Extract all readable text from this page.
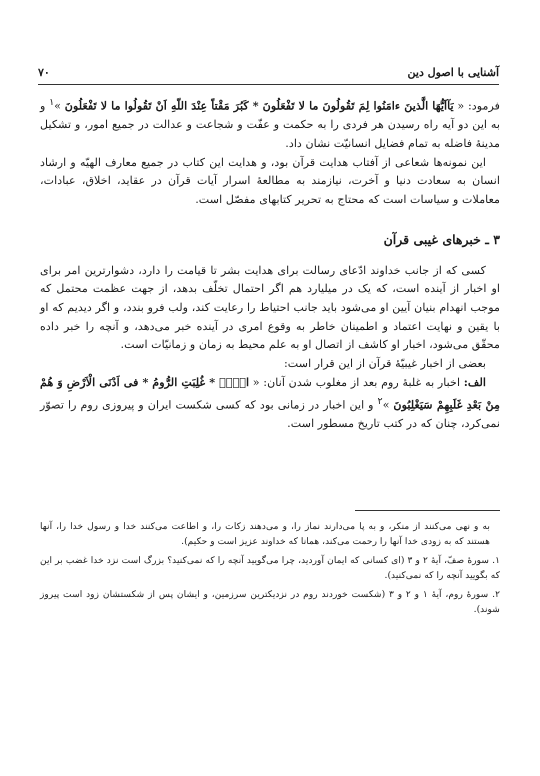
۷۰	آشنایی با اصول دین

فرمود: « یَآاَیُّهَا الَّذینَ ءامَنُوا لِمَ تَقُولُونَ ما لا تَفْعَلُونَ * کَبُرَ مَقْتاً عِنْدَ اللّهِ اَنْ تَقُولُوا ما لا تَفْعَلُونَ »$^۱$ و به این دو آیه راه رسیدن هر فردی را به حکمت و عفّت و شجاعت و عدالت در جمیع امور، و تشکیل مدینهٔ فاضله به تمام فضایل انسانیّت نشان داد.

این نمونه‌ها شعاعی از آفتاب هدایت قرآن بود، و هدایت این کتاب در جمیع معارف الهیّه و ارشاد انسان به سعادت دنیا و آخرت، نیازمند به مطالعهٔ اسرار آیات قرآن در عقاید، اخلاق، عبادات، معاملات و سیاسات است که محتاج به تحریر کتابهای مفصّل است.

۳ ـ خبرهای غیبی قرآن

کسی که از جانب خداوند ادّعای رسالت برای هدایت بشر تا قیامت را دارد، دشوارترین امر برای او اخبار از آینده است، که یک در میلیارد هم اگر احتمال تخلّف بدهد، از جهت عظمت محتمل که موجب انهدام بنیان آیین او می‌شود باید جانب احتیاط را رعایت کند، ولب فرو بندد، و اگر دیدیم که او با یقین و نهایت اعتماد و اطمینان خاطر به وقوع امری در آینده خبر می‌دهد، و آنچه را خبر داده محقّق می‌شود، اخبار او کاشف از اتصال او به علم محیط به زمان و زمانیّات است.

بعضی از اخبار غیبیّهٔ قرآن از این قرار است:

الف: اخبار به غلبهٔ روم بعد از مغلوب شدن آنان: « الۤمۤ * غُلِبَتِ الرُّومُ * فی اَدْنَی الْاَرْضِ وَ هُمْ مِنْ بَعْدِ غَلَبِهِمْ سَیَغْلِبُونَ »$^۲$ و این اخبار در زمانی بود که کسی شکست ایران و پیروزی روم را تصوّر نمی‌کرد، چنان که در کتب تاریخ مسطور است.

به و نهی می‌کنند از منکر، و به پا می‌دارند نماز را، و می‌دهند زکات را، و اطاعت می‌کنند خدا و رسول خدا را، آنها هستند که به زودی خدا آنها را رحمت می‌کند، همانا که خداوند عزیز است و حکیم).

۱. سورهٔ صفّ، آیهٔ ۲ و ۳ (ای کسانی که ایمان آوردید، چرا می‌گویید آنچه را که نمی‌کنید؟ بزرگ است نزد خدا غضب بر این که بگویید آنچه را که نمی‌کنید).

۲. سورهٔ روم، آیهٔ ۱ و ۲ و ۳ (شکست خوردند روم در نزدیکترین سرزمین، و ایشان پس از شکستشان زود است پیروز شوند).
